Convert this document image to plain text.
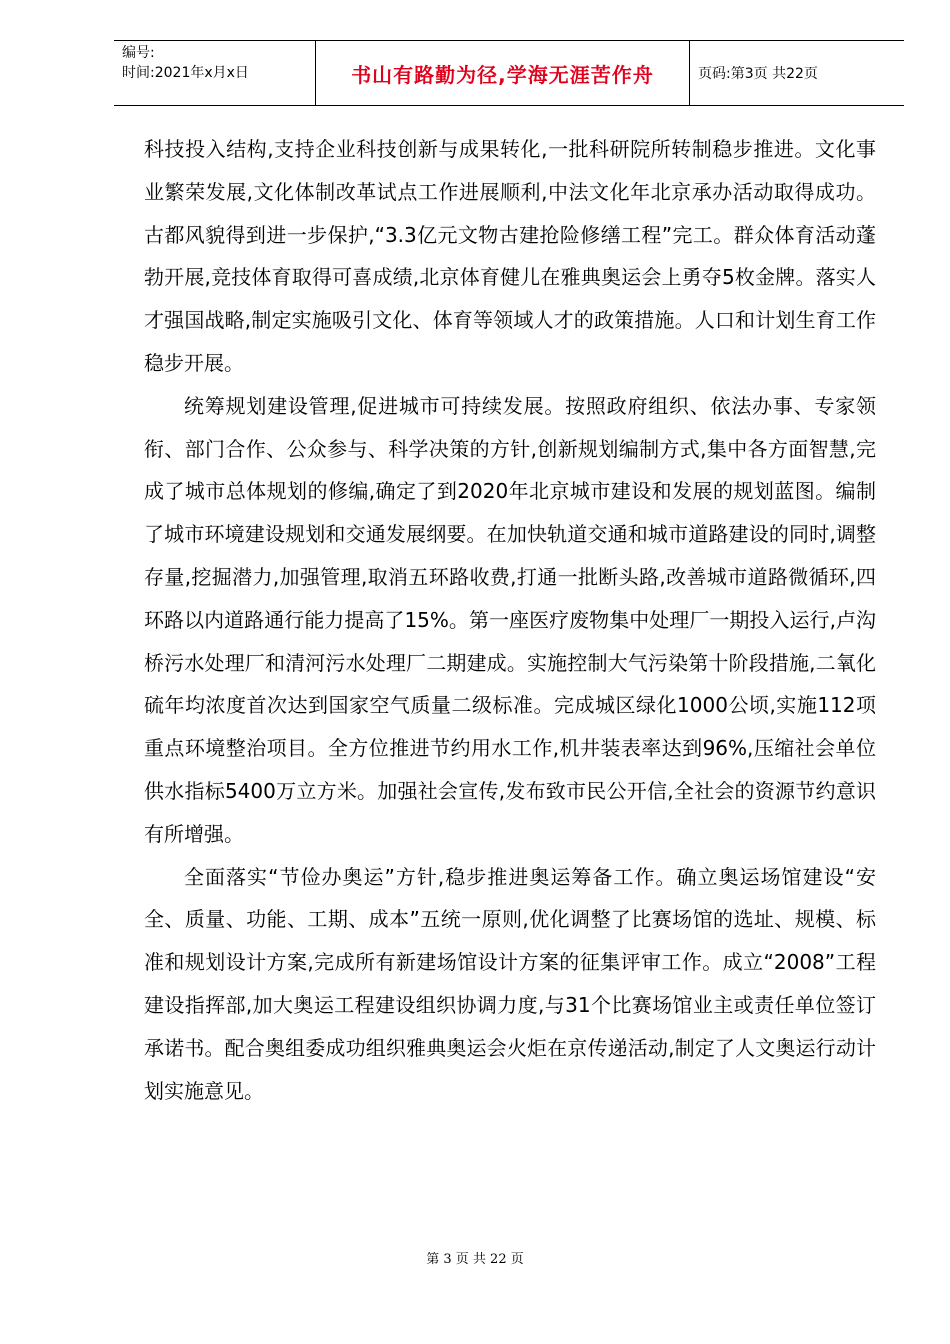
编号:
时间:2021年x月x日	书山有路勤为径,学海无涯苦作舟	页码:第3页 共22页

科技投入结构,支持企业科技创新与成果转化,一批科研院所转制稳步推进。文化事业繁荣发展,文化体制改革试点工作进展顺利,中法文化年北京承办活动取得成功。古都风貌得到进一步保护,“3.3亿元文物古建抢险修缮工程”完工。群众体育活动蓬勃开展,竞技体育取得可喜成绩,北京体育健儿在雅典奥运会上勇夺5枚金牌。落实人才强国战略,制定实施吸引文化、体育等领域人才的政策措施。人口和计划生育工作稳步开展。

统筹规划建设管理,促进城市可持续发展。按照政府组织、依法办事、专家领衔、部门合作、公众参与、科学决策的方针,创新规划编制方式,集中各方面智慧,完成了城市总体规划的修编,确定了到2020年北京城市建设和发展的规划蓝图。编制了城市环境建设规划和交通发展纲要。在加快轨道交通和城市道路建设的同时,调整存量,挖掘潜力,加强管理,取消五环路收费,打通一批断头路,改善城市道路微循环,四环路以内道路通行能力提高了15%。第一座医疗废物集中处理厂一期投入运行,卢沟桥污水处理厂和清河污水处理厂二期建成。实施控制大气污染第十阶段措施,二氧化硫年均浓度首次达到国家空气质量二级标准。完成城区绿化1000公顷,实施112项重点环境整治项目。全方位推进节约用水工作,机井装表率达到96%,压缩社会单位供水指标5400万立方米。加强社会宣传,发布致市民公开信,全社会的资源节约意识有所增强。

全面落实“节俭办奥运”方针,稳步推进奥运筹备工作。确立奥运场馆建设“安全、质量、功能、工期、成本”五统一原则,优化调整了比赛场馆的选址、规模、标准和规划设计方案,完成所有新建场馆设计方案的征集评审工作。成立“2008”工程建设指挥部,加大奥运工程建设组织协调力度,与31个比赛场馆业主或责任单位签订承诺书。配合奥组委成功组织雅典奥运会火炬在京传递活动,制定了人文奥运行动计划实施意见。

第 3 页 共 22 页
